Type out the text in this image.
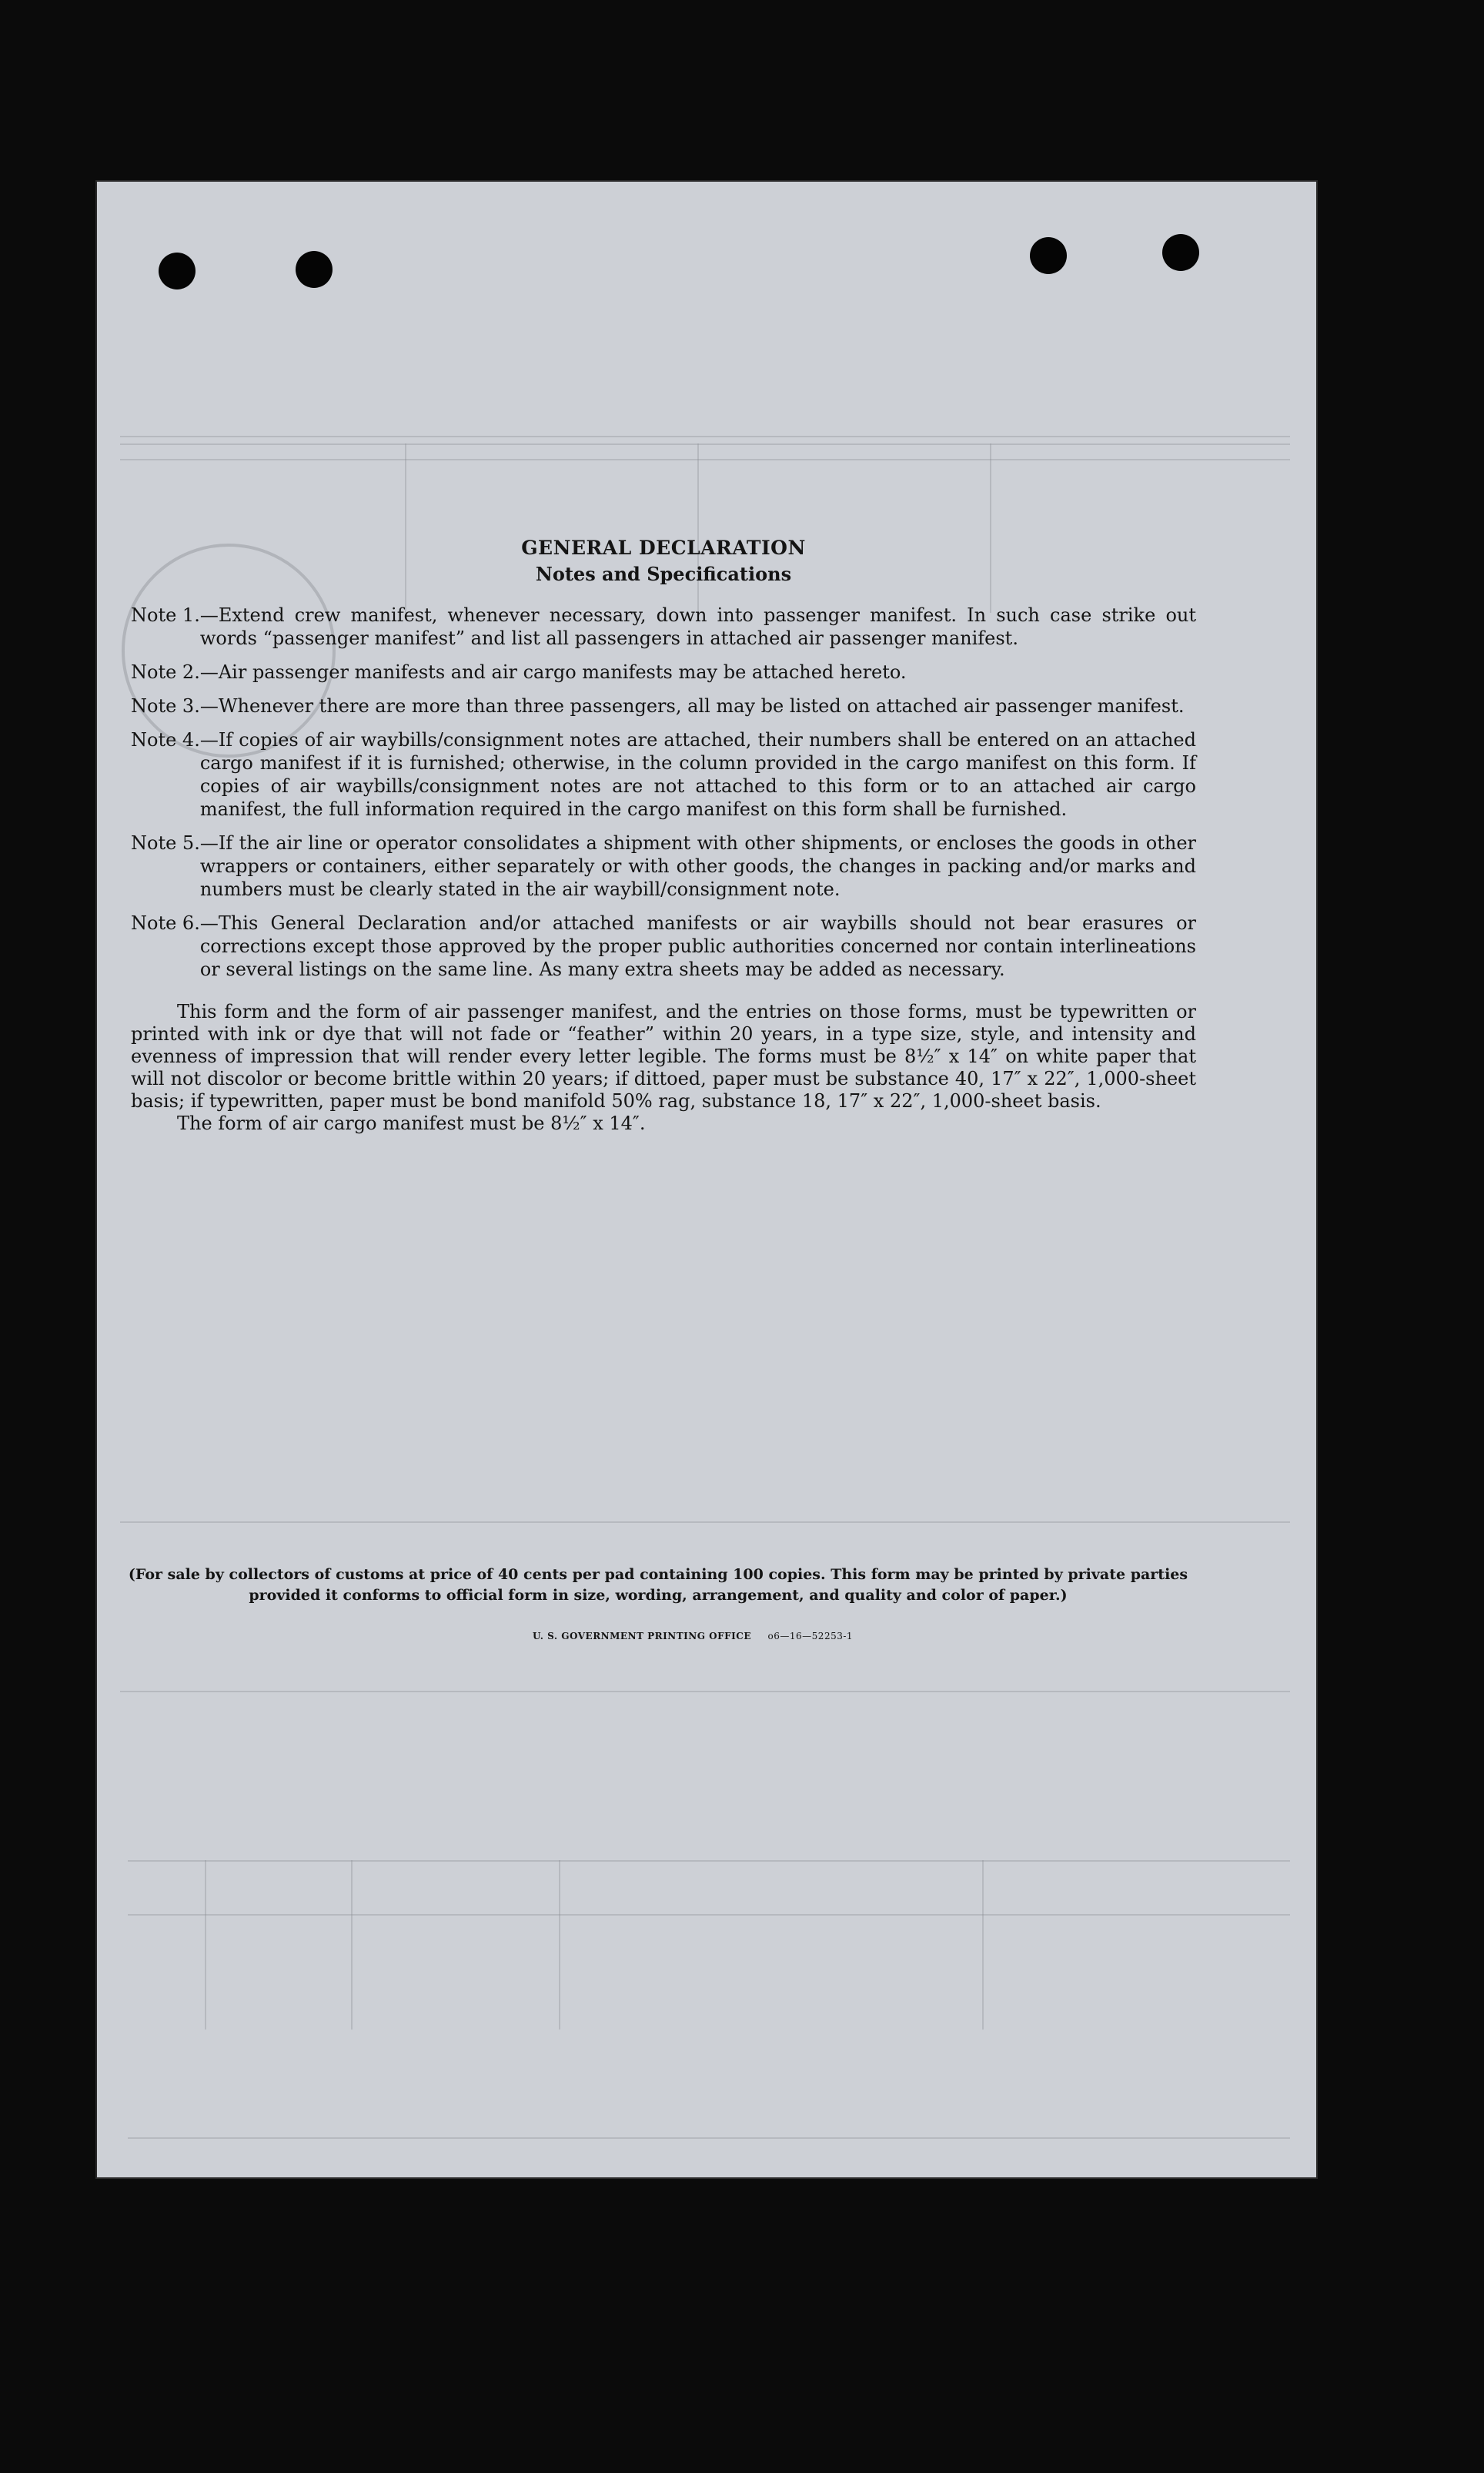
GENERAL DECLARATION
Notes and Specifications
Note 1. —Extend crew manifest, whenever necessary, down into passenger manifest. In such case strike out words “passenger manifest” and list all passengers in attached air passenger manifest.
Note 2. —Air passenger manifests and air cargo manifests may be attached hereto.
Note 3. —Whenever there are more than three passengers, all may be listed on attached air passenger manifest.
Note 4. —If copies of air waybills/consignment notes are attached, their numbers shall be entered on an attached cargo manifest if it is furnished; otherwise, in the column provided in the cargo manifest on this form. If copies of air waybills/consignment notes are not attached to this form or to an attached air cargo manifest, the full information required in the cargo manifest on this form shall be furnished.
Note 5. —If the air line or operator consolidates a shipment with other shipments, or encloses the goods in other wrappers or containers, either separately or with other goods, the changes in packing and/or marks and numbers must be clearly stated in the air waybill/consignment note.
Note 6. —This General Declaration and/or attached manifests or air waybills should not bear erasures or corrections except those approved by the proper public authorities concerned nor contain interlineations or several listings on the same line. As many extra sheets may be added as necessary.
This form and the form of air passenger manifest, and the entries on those forms, must be typewritten or printed with ink or dye that will not fade or “feather” within 20 years, in a type size, style, and intensity and evenness of impression that will render every letter legible. The forms must be 8½″ x 14″ on white paper that will not discolor or become brittle within 20 years; if dittoed, paper must be substance 40, 17″ x 22″, 1,000-sheet basis; if typewritten, paper must be bond manifold 50% rag, substance 18, 17″ x 22″, 1,000-sheet basis.
The form of air cargo manifest must be 8½″ x 14″.
(For sale by collectors of customs at price of 40 cents per pad containing 100 copies. This form may be printed by private parties provided it conforms to official form in size, wording, arrangement, and quality and color of paper.)
U. S. GOVERNMENT PRINTING OFFICE o6—16—52253-1
